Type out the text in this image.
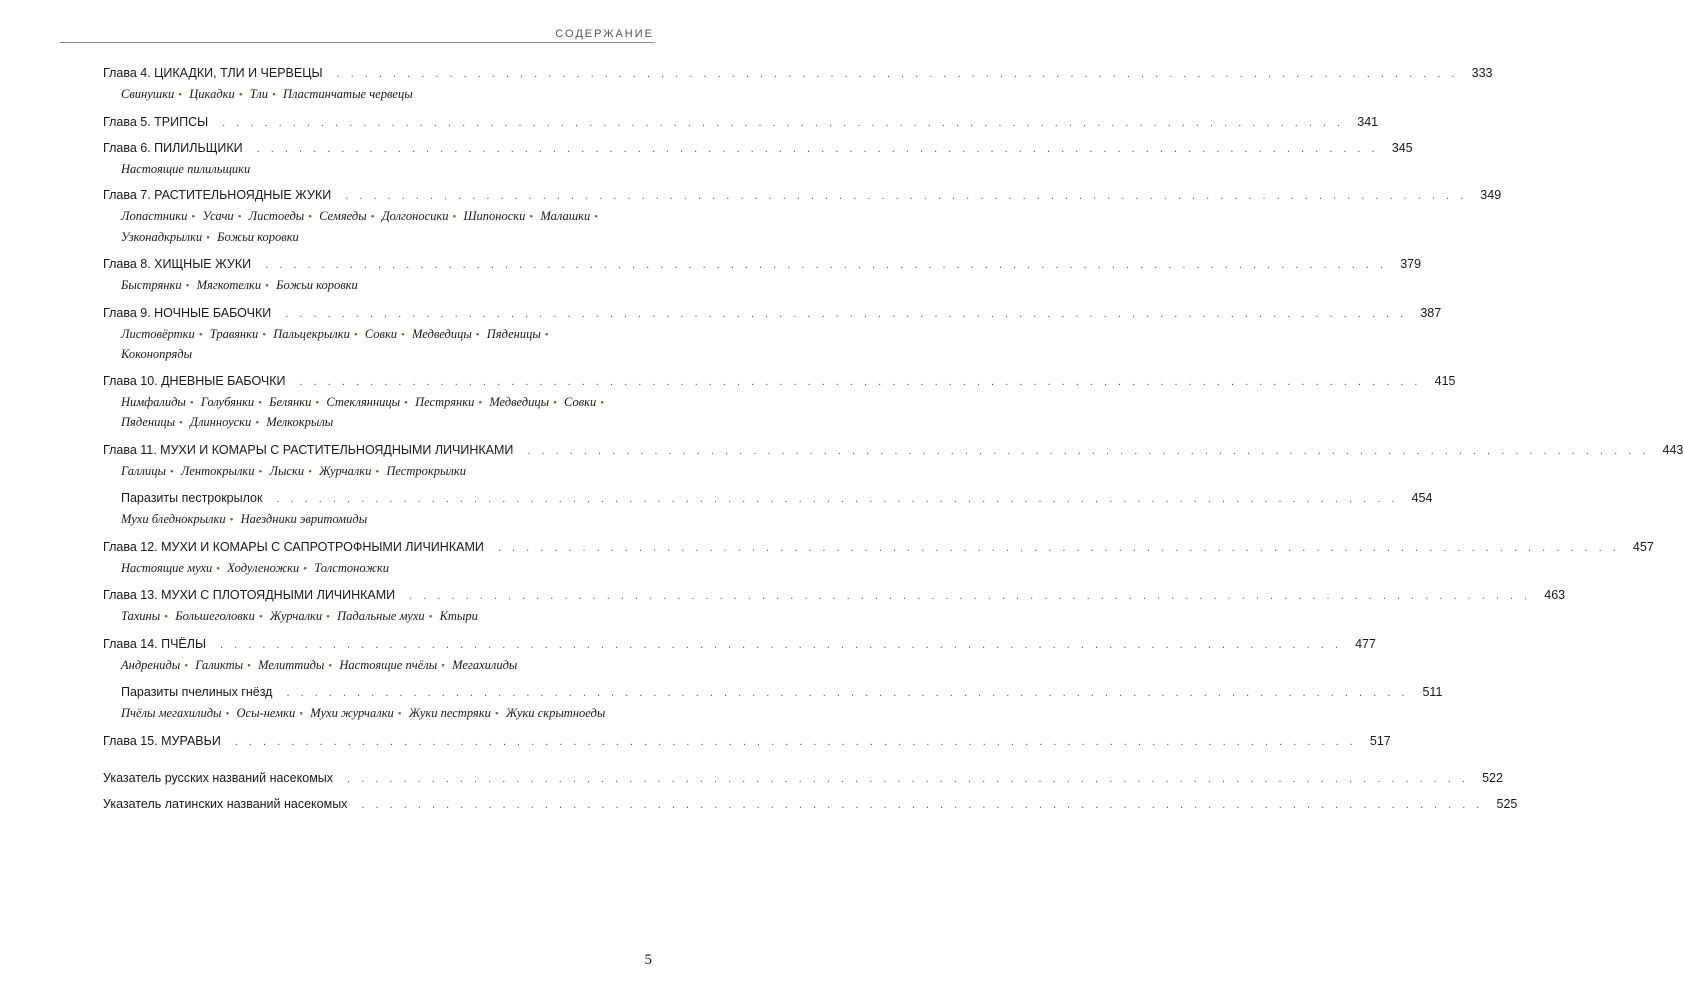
СОДЕРЖАНИЕ
Глава 4. ЦИКАДКИ, ТЛИ И ЧЕРВЕЦЫ . . . . . . . . . . . . . . . . . . . . . . . . . . . . . . . . . . . . . . . . . . . . . . . . . . . . . . . . . . . . . . . . . . . . . . . . . . . . . . . .	333
Свинушки • Цикадки • Тли • Пластинчатые червецы
Глава 5. ТРИПСЫ . . . . . . . . . . . . . . . . . . . . . . . . . . . . . . . . . . . . . . . . . . . . . . . . . . . . . . . . . . . . . . . . . . . . . . . . . . . . . . . .	341
Глава 6. ПИЛИЛЬЩИКИ . . . . . . . . . . . . . . . . . . . . . . . . . . . . . . . . . . . . . . . . . . . . . . . . . . . . . . . . . . . . . . . . . . . . . . . . . . . . . . . .	345
Настоящие пилильщики
Глава 7. РАСТИТЕЛЬНОЯДНЫЕ ЖУКИ . . . . . . . . . . . . . . . . . . . . . . . . . . . . . . . . . . . . . . . . . . . . . . . . . . . . . . . . . . . . . . . . . . . . . . . . . . . . . . . .	349
Лопастники • Усачи • Листоеды • Семяеды • Долгоносики • Шипоноски • Малашки • Узконадкрылки • Божьи коровки
Глава 8. ХИЩНЫЕ ЖУКИ . . . . . . . . . . . . . . . . . . . . . . . . . . . . . . . . . . . . . . . . . . . . . . . . . . . . . . . . . . . . . . . . . . . . . . . . . . . . . . . .	379
Быстрянки • Мягкотелки • Божьи коровки
Глава 9. НОЧНЫЕ БАБОЧКИ . . . . . . . . . . . . . . . . . . . . . . . . . . . . . . . . . . . . . . . . . . . . . . . . . . . . . . . . . . . . . . . . . . . . . . . . . . . . . . . .	387
Листовёртки • Травянки • Пальцекрылки • Совки • Медведицы • Пяденицы • Коконопряды
Глава 10. ДНЕВНЫЕ БАБОЧКИ . . . . . . . . . . . . . . . . . . . . . . . . . . . . . . . . . . . . . . . . . . . . . . . . . . . . . . . . . . . . . . . . . . . . . . . . . . . . . . . .	415
Нимфалиды • Голубянки • Белянки • Стеклянницы • Пестрянки • Медведицы • Совки • Пяденицы • Длинноуски • Мелкокрылы
Глава 11. МУХИ И КОМАРЫ С РАСТИТЕЛЬНОЯДНЫМИ ЛИЧИНКАМИ . . . . . . . . . . . . . . . . . . . . . . . . . . . . . . . . . . . . . . . . . . . . . . . . . . . . . . . . . . . . . . . . . . . . . . . . . . . . . . . .	443
Галлицы • Лентокрылки • Лыски • Журчалки • Пестрокрылки
Паразиты пестрокрылок . . . . . . . . . . . . . . . . . . . . . . . . . . . . . . . . . . . . . . . . . . . . . . . . . . . . . . . . . . . . . . . . . . . . . . . . . . . . . . . .	454
Мухи бледнокрылки • Наездники эвритомиды
Глава 12. МУХИ И КОМАРЫ С САПРОТРОФНЫМИ ЛИЧИНКАМИ . . . . . . . . . . . . . . . . . . . . . . . . . . . . . . . . . . . . . . . . . . . . . . . . . . . . . . . . . . . . . . . . . . . . . . . . . . . . . . . .	457
Настоящие мухи • Ходуленожки • Толстоножки
Глава 13. МУХИ С ПЛОТОЯДНЫМИ ЛИЧИНКАМИ . . . . . . . . . . . . . . . . . . . . . . . . . . . . . . . . . . . . . . . . . . . . . . . . . . . . . . . . . . . . . . . . . . . . . . . . . . . . . . . .	463
Тахины • Большеголовки • Журчалки • Падальные мухи • Ктыри
Глава 14. ПЧЁЛЫ . . . . . . . . . . . . . . . . . . . . . . . . . . . . . . . . . . . . . . . . . . . . . . . . . . . . . . . . . . . . . . . . . . . . . . . . . . . . . . . .	477
Андрениды • Галикты • Мелиттиды • Настоящие пчёлы • Мегахилиды
Паразиты пчелиных гнёзд . . . . . . . . . . . . . . . . . . . . . . . . . . . . . . . . . . . . . . . . . . . . . . . . . . . . . . . . . . . . . . . . . . . . . . . . . . . . . . . .	511
Пчёлы мегахилиды • Осы-немки • Мухи журчалки • Жуки пестряки • Жуки скрытноеды
Глава 15. МУРАВЬИ . . . . . . . . . . . . . . . . . . . . . . . . . . . . . . . . . . . . . . . . . . . . . . . . . . . . . . . . . . . . . . . . . . . . . . . . . . . . . . . .	517
Указатель русских названий насекомых . . . . . . . . . . . . . . . . . . . . . . . . . . . . . . . . . . . . . . . . . . . . . . . . . . . . . . . . . . . . . . . . . . . . . . . . . . . . . . . .	522
Указатель латинских названий насекомых . . . . . . . . . . . . . . . . . . . . . . . . . . . . . . . . . . . . . . . . . . . . . . . . . . . . . . . . . . . . . . . . . . . . . . . . . . . . . . . .	525
5
